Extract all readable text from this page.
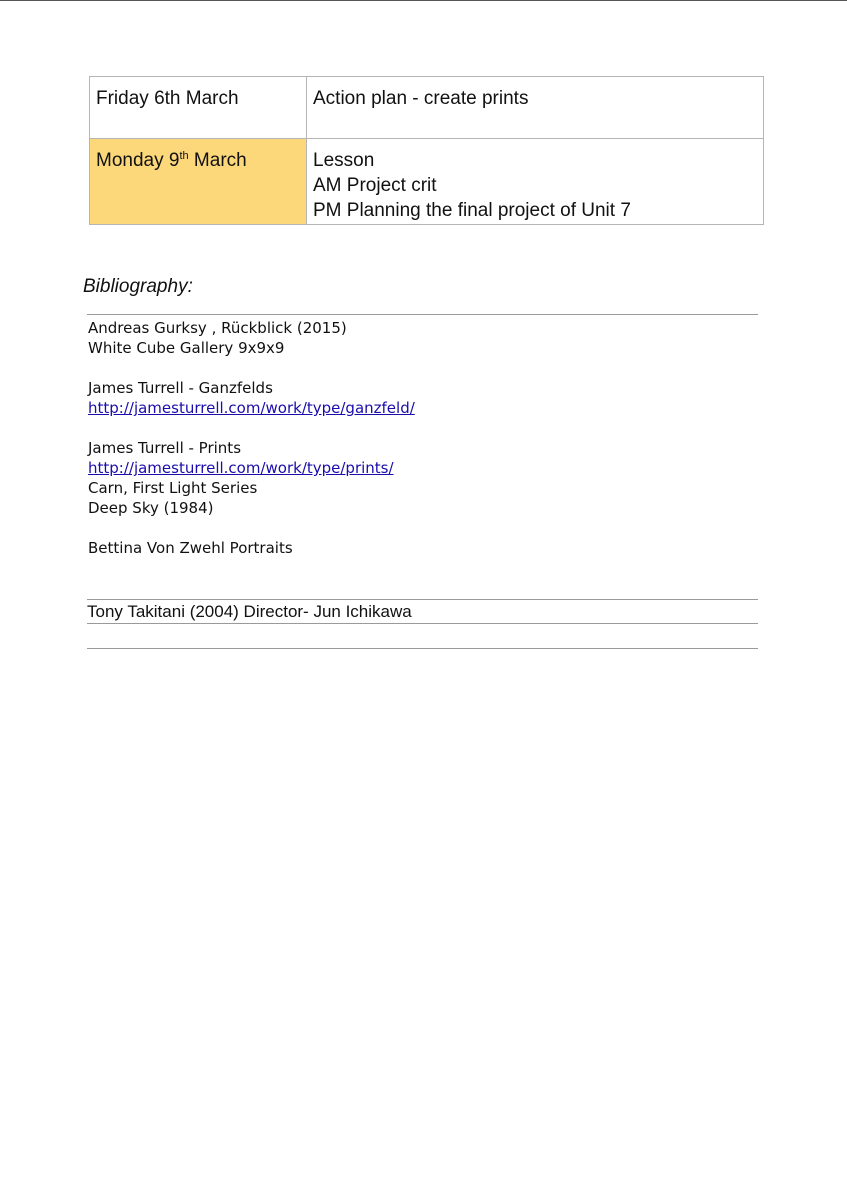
Friday 6th March	Action plan - create prints

Monday 9th March	Lesson
AM Project crit
PM Planning the final project of Unit 7
Bibliography:
Andreas Gurksy , Rückblick (2015)
White Cube Gallery 9x9x9
James Turrell - Ganzfelds
http://jamesturrell.com/work/type/ganzfeld/
James Turrell - Prints
http://jamesturrell.com/work/type/prints/
Carn, First Light Series
Deep Sky (1984)
Bettina Von Zwehl Portraits
Tony Takitani (2004) Director- Jun Ichikawa
